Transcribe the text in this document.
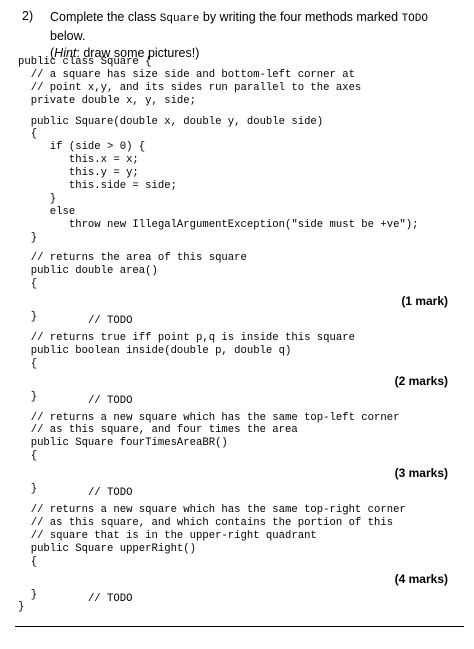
2) Complete the class Square by writing the four methods marked TODO below.
(Hint: draw some pictures!)
public class Square {
// a square has size side and bottom-left corner at
// point x,y, and its sides run parallel to the axes
private double x, y, side;
public Square(double x, double y, double side)
{
if (side > 0) {
this.x = x;
this.y = y;
this.side = side;
}
else
throw new IllegalArgumentException("side must be +ve");
}
// returns the area of this square
public double area()
{

// TODO

(1 mark)

}
// returns true iff point p,q is inside this square
public boolean inside(double p, double q)
{

// TODO

(2 marks)

}
// returns a new square which has the same top-left corner
// as this square, and four times the area
public Square fourTimesAreaBR()
{

// TODO

(3 marks)

}
// returns a new square which has the same top-right corner
// as this square, and which contains the portion of this
// square that is in the upper-right quadrant
public Square upperRight()
{

// TODO

(4 marks)

}
}
